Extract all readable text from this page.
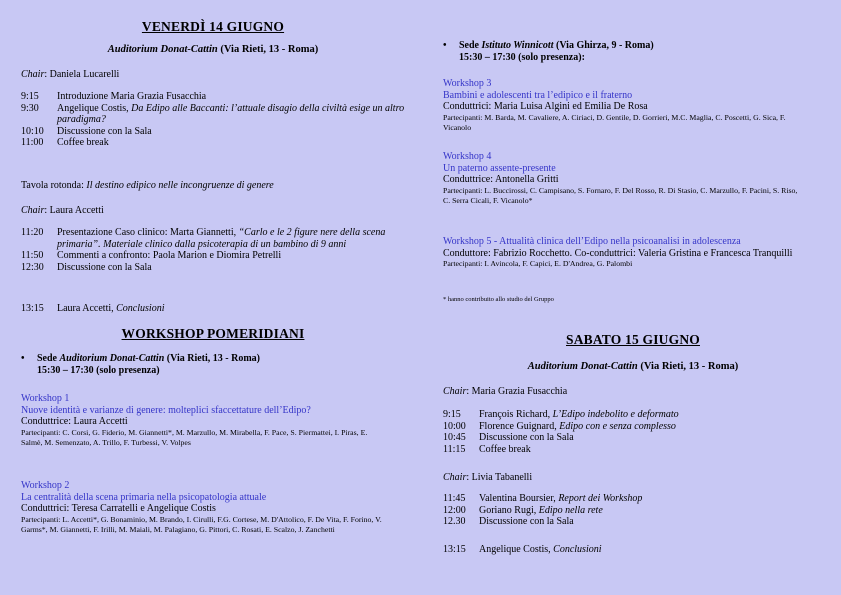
VENERDÌ 14 GIUGNO
Auditorium Donat-Cattin (Via Rieti, 13 - Roma)
Chair: Daniela Lucarelli
9:15	Introduzione Maria Grazia Fusacchia
9:30	Angelique Costis, Da Edipo alle Baccanti: l’attuale disagio della civiltà esige un altro paradigma?
10:10	Discussione con la Sala
11:00	Coffee break
Tavola rotonda: Il destino edipico nelle incongruenze di genere
Chair: Laura Accetti
11:20	Presentazione Caso clinico: Marta Giannetti, “Carlo e le 2 figure nere della scena primaria”. Materiale clinico dalla psicoterapia di un bambino di 9 anni
11:50	Commenti a confronto: Paola Marion e Diomira Petrelli
12:30	Discussione con la Sala
13:15 Laura Accetti, Conclusioni
WORKSHOP POMERIDIANI
• Sede Auditorium Donat-Cattin (Via Rieti, 13 - Roma)
15:30 – 17:30 (solo presenza)
Workshop 1
Nuove identità e varianze di genere: molteplici sfaccettature dell’Edipo?
Conduttrice: Laura Accetti
Partecipanti: C. Corsi, G. Fiderio, M. Giannetti*, M. Marzullo, M. Mirabella, F. Pace, S. Piermattei, I. Piras, E. Salmè, M. Semenzato, A. Trillo, F. Turbessi, V. Volpes
Workshop 2
La centralità della scena primaria nella psicopatologia attuale
Conduttrici: Teresa Carratelli e Angelique Costis
Partecipanti: L. Accetti*, G. Bonaminio, M. Brando, I. Cirulli, F.G. Cortese, M. D'Attolico, F. De Vita, F. Forino, V. Garms*, M. Giannetti, F. Irilli, M. Maiali, M. Palagiano, G. Pittori, C. Rosati, E. Scalzo, J. Zanchetti
• Sede Istituto Winnicott (Via Ghirza, 9 - Roma)
15:30 – 17:30 (solo presenza):
Workshop 3
Bambini e adolescenti tra l’edipico e il fraterno
Conduttrici: Maria Luisa Algini ed Emilia De Rosa
Partecipanti: M. Barda, M. Cavaliere, A. Ciriaci, D. Gentile, D. Gorrieri, M.C. Maglia, C. Poscetti, G. Sica, F. Vicanolo
Workshop 4
Un paterno assente-presente
Conduttrice: Antonella Gritti
Partecipanti: L. Buccirossi, C. Campisano, S. Fornaro, F. Del Rosso, R. Di Stasio, C. Marzullo, F. Pacini, S. Riso, C. Serra Cicali, F. Vicanolo*
Workshop 5 - Attualità clinica dell’Edipo nella psicoanalisi in adolescenza
Conduttore: Fabrizio Rocchetto. Co-conduttrici: Valeria Gristina e Francesca Tranquilli
Partecipanti: I. Avincola, F. Capici, E. D'Andrea, G. Palombi
* hanno contribuito allo studio del Gruppo
SABATO 15 GIUGNO
Auditorium Donat-Cattin (Via Rieti, 13 - Roma)
Chair: Maria Grazia Fusacchia
9:15	François Richard, L’Edipo indebolito e deformato
10:00	Florence Guignard, Edipo con e senza complesso
10:45	Discussione con la Sala
11:15	Coffee break
Chair: Livia Tabanelli
11:45	Valentina Boursier, Report dei Workshop
12:00	Goriano Rugi, Edipo nella rete
12.30	Discussione con la Sala
13:15 Angelique Costis, Conclusioni
